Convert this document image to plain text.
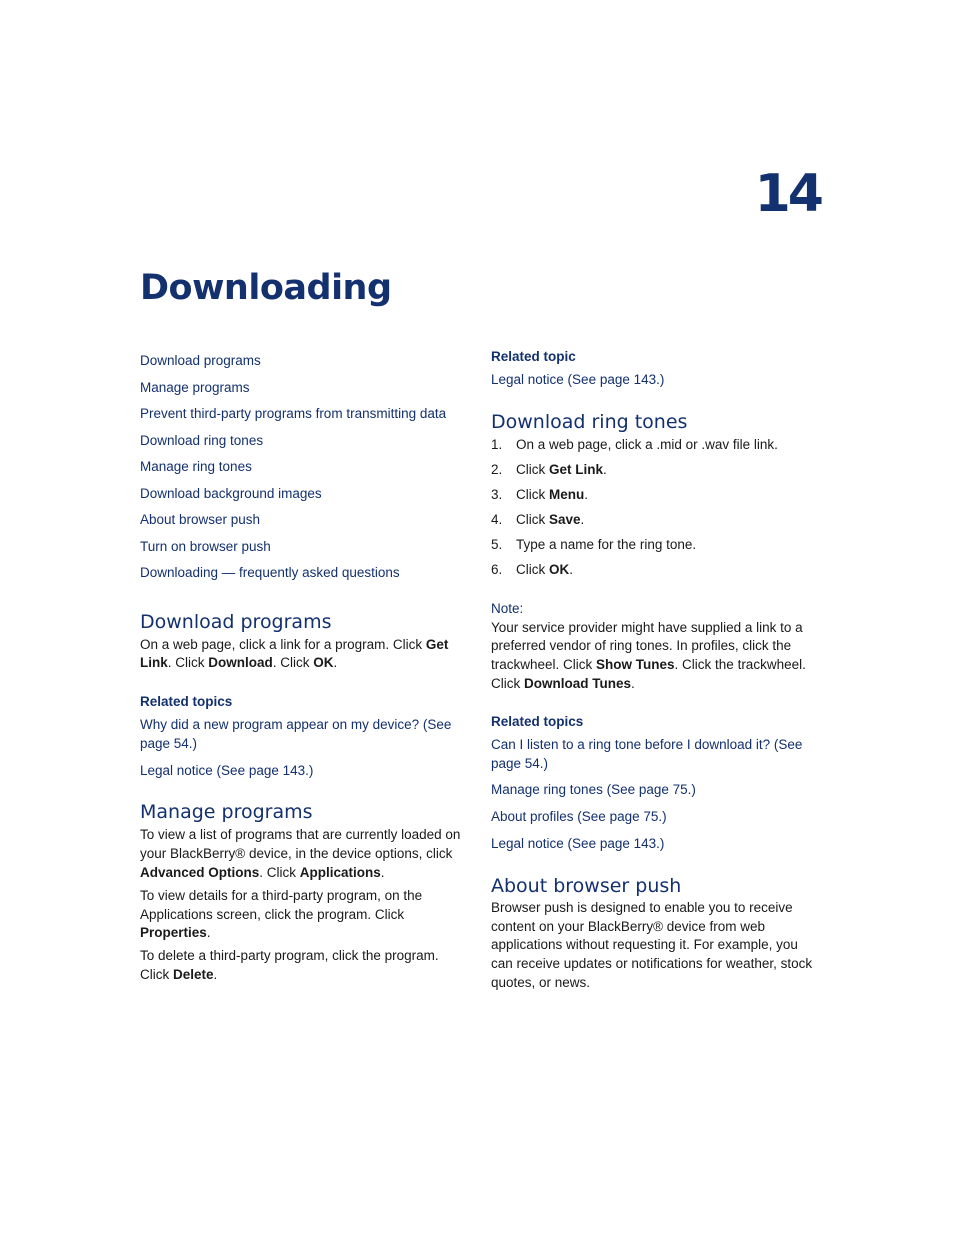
14
Downloading
Download programs
Manage programs
Prevent third-party programs from transmitting data
Download ring tones
Manage ring tones
Download background images
About browser push
Turn on browser push
Downloading — frequently asked questions
Download programs

On a web page, click a link for a program. Click Get Link. Click Download. Click OK.

Related topics
Why did a new program appear on my device? (See page 54.)
Legal notice (See page 143.)
Manage programs

To view a list of programs that are currently loaded on your BlackBerry® device, in the device options, click Advanced Options. Click Applications.

To view details for a third-party program, on the Applications screen, click the program. Click Properties.

To delete a third-party program, click the program. Click Delete.

Related topic
Legal notice (See page 143.)
Download ring tones
1.	On a web page, click a .mid or .wav file link.
2.	Click Get Link.
3.	Click Menu.
4.	Click Save.
5.	Type a name for the ring tone.
6.	Click OK.

Note:

Your service provider might have supplied a link to a preferred vendor of ring tones. In profiles, click the trackwheel. Click Show Tunes. Click the trackwheel. Click Download Tunes.

Related topics
Can I listen to a ring tone before I download it? (See page 54.)
Manage ring tones (See page 75.)
About profiles (See page 75.)
Legal notice (See page 143.)
About browser push

Browser push is designed to enable you to receive content on your BlackBerry® device from web applications without requesting it. For example, you can receive updates or notifications for weather, stock quotes, or news.
